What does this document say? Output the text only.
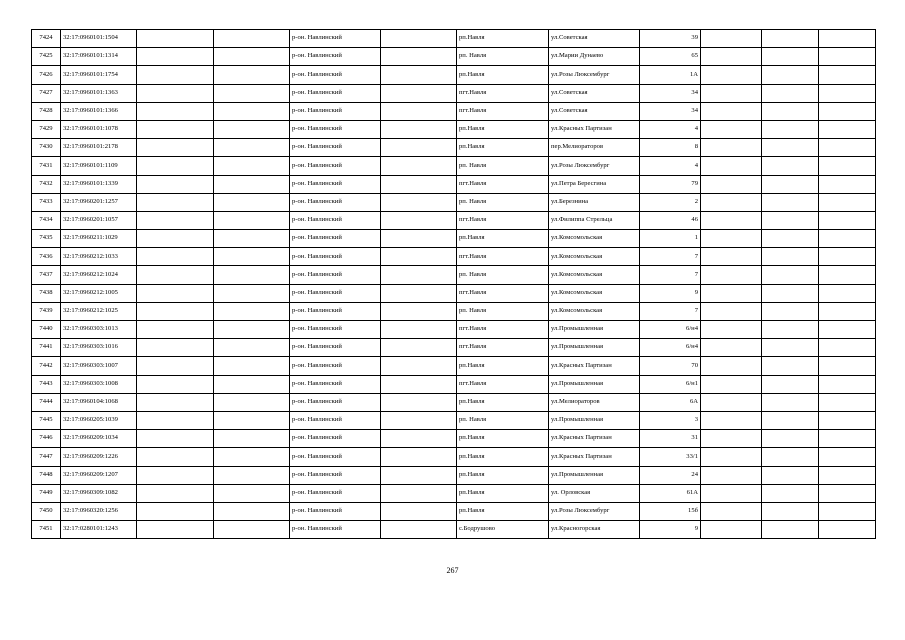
7424	32:17:0960101:1504			р-он. Навлинский		рп.Навля	ул.Советская	39			
7425	32:17:0960101:1314			р-он. Навлинский		рп. Навля	ул.Марии Дунаево	65			
7426	32:17:0960101:1754			р-он. Навлинский		рп.Навля	ул.Розы Люксембург	1А			
7427	32:17:0960101:1363			р-он. Навлинский		пгт.Навля	ул.Советская	34			
7428	32:17:0960101:1366			р-он. Навлинский		пгт.Навля	ул.Советская	34			
7429	32:17:0960101:1078			р-он. Навлинский		рп.Навля	ул.Красных Партизан	4			
7430	32:17:0960101:2178			р-он. Навлинский		рп.Навля	пер.Мелиораторов	8			
7431	32:17:0960101:1109			р-он. Навлинский		рп. Навля	ул.Розы Люксембург	4			
7432	32:17:0960101:1339			р-он. Навлинский		пгт.Навля	ул.Петра Бересгина	79			
7433	32:17:0960201:1257			р-он. Навлинский		рп. Навля	ул.Березнина	2			
7434	32:17:0960201:1057			р-он. Навлинский		пгт.Навля	ул.Филиппа Стрельца	46			
7435	32:17:0960211:1029			р-он. Навлинский		рп.Навля	ул.Комсомольская	1			
7436	32:17:0960212:1033			р-он. Навлинский		пгт.Навля	ул.Комсомольская	7			
7437	32:17:0960212:1024			р-он. Навлинский		рп. Навля	ул.Комсомольская	7			
7438	32:17:0960212:1005			р-он. Навлинский		пгт.Навля	ул.Комсомольская	9			
7439	32:17:0960212:1025			р-он. Навлинский		рп. Навля	ул.Комсомольская	7			
7440	32:17:0960303:1013			р-он. Навлинский		пгт.Навля	ул.Промышленная	6/н4			
7441	32:17:0960303:1016			р-он. Навлинский		пгт.Навля	ул.Промышленная	6/н4			
7442	32:17:0960303:1007			р-он. Навлинский		рп.Навля	ул.Красных Партизан	70			
7443	32:17:0960303:1008			р-он. Навлинский		пгт.Навля	ул.Промышленная	6/н1			
7444	32:17:0960104:1068			р-он. Навлинский		рп.Навля	ул.Мелиораторов	6А			
7445	32:17:0960205:1039			р-он. Навлинский		рп. Навля	ул.Промышленная	3			
7446	32:17:0960209:1034			р-он. Навлинский		рп.Навля	ул.Красных Партизан	31			
7447	32:17:0960209:1226			р-он. Навлинский		рп.Навля	ул.Красных Партизан	33/1			
7448	32:17:0960209:1207			р-он. Навлинский		рп.Навля	ул.Промышленная	24			
7449	32:17:0960309:1082			р-он. Навлинский		рп.Навля	ул. Орловская	61А			
7450	32:17:0960320:1256			р-он. Навлинский		рп.Навля	ул.Розы Люксембург	15б			
7451	32:17:0280101:1243			р-он. Навлинский		с.Бодрушово	ул.Красногорская	9			
267
